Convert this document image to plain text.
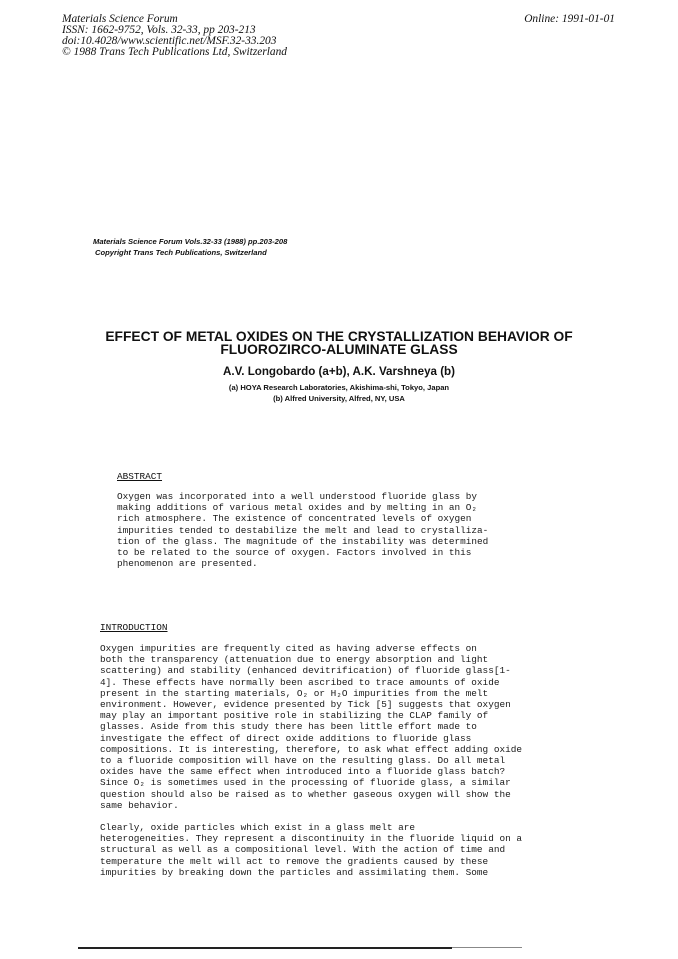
Materials Science Forum
ISSN: 1662-9752, Vols. 32-33, pp 203-213
doi:10.4028/www.scientific.net/MSF.32-33.203
© 1988 Trans Tech Publications Ltd, Switzerland
Online: 1991-01-01
Materials Science Forum Vols.32-33 (1988) pp.203-208
Copyright Trans Tech Publications, Switzerland
EFFECT OF METAL OXIDES ON THE CRYSTALLIZATION BEHAVIOR OF
FLUOROZIRCO-ALUMINATE GLASS
A.V. Longobardo (a+b), A.K. Varshneya (b)
(a) HOYA Research Laboratories, Akishima-shi, Tokyo, Japan
(b) Alfred University, Alfred, NY, USA
ABSTRACT
Oxygen was incorporated into a well understood fluoride glass by
making additions of various metal oxides and by melting in an O₂
rich atmosphere. The existence of concentrated levels of oxygen
impurities tended to destabilize the melt and lead to crystalliza-
tion of the glass. The magnitude of the instability was determined
to be related to the source of oxygen. Factors involved in this
phenomenon are presented.
INTRODUCTION
Oxygen impurities are frequently cited as having adverse effects on
both the transparency (attenuation due to energy absorption and light
scattering) and stability (enhanced devitrification) of fluoride glass[1-
4]. These effects have normally been ascribed to trace amounts of oxide
present in the starting materials, O₂ or H₂O impurities from the melt
environment. However, evidence presented by Tick [5] suggests that oxygen
may play an important positive role in stabilizing the CLAP family of
glasses. Aside from this study there has been little effort made to
investigate the effect of direct oxide additions to fluoride glass
compositions. It is interesting, therefore, to ask what effect adding oxide
to a fluoride composition will have on the resulting glass. Do all metal
oxides have the same effect when introduced into a fluoride glass batch?
Since O₂ is sometimes used in the processing of fluoride glass, a similar
question should also be raised as to whether gaseous oxygen will show the
same behavior.
Clearly, oxide particles which exist in a glass melt are
heterogeneities. They represent a discontinuity in the fluoride liquid on a
structural as well as a compositional level. With the action of time and
temperature the melt will act to remove the gradients caused by these
impurities by breaking down the particles and assimilating them. Some
